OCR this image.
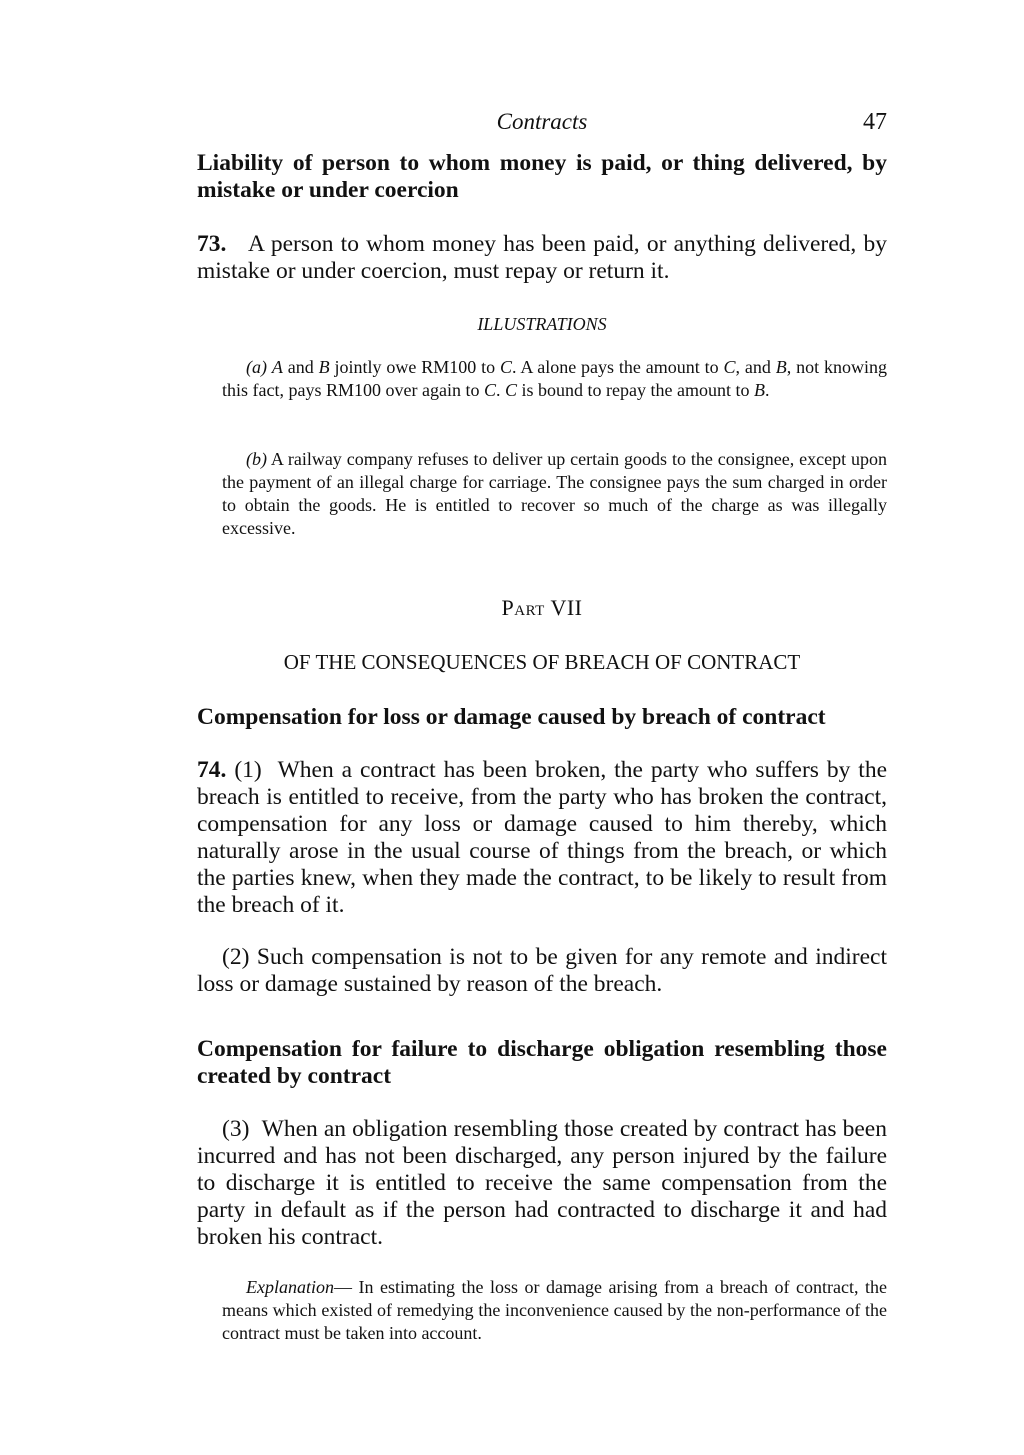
Contracts	47
Liability of person to whom money is paid, or thing delivered, by mistake or under coercion
73. A person to whom money has been paid, or anything delivered, by mistake or under coercion, must repay or return it.
ILLUSTRATIONS
(a) A and B jointly owe RM100 to C. A alone pays the amount to C, and B, not knowing this fact, pays RM100 over again to C. C is bound to repay the amount to B.
(b) A railway company refuses to deliver up certain goods to the consignee, except upon the payment of an illegal charge for carriage. The consignee pays the sum charged in order to obtain the goods. He is entitled to recover so much of the charge as was illegally excessive.
Part VII
OF THE CONSEQUENCES OF BREACH OF CONTRACT
Compensation for loss or damage caused by breach of contract
74. (1) When a contract has been broken, the party who suffers by the breach is entitled to receive, from the party who has broken the contract, compensation for any loss or damage caused to him thereby, which naturally arose in the usual course of things from the breach, or which the parties knew, when they made the contract, to be likely to result from the breach of it.
(2) Such compensation is not to be given for any remote and indirect loss or damage sustained by reason of the breach.
Compensation for failure to discharge obligation resembling those created by contract
(3) When an obligation resembling those created by contract has been incurred and has not been discharged, any person injured by the failure to discharge it is entitled to receive the same compensation from the party in default as if the person had contracted to discharge it and had broken his contract.
Explanation— In estimating the loss or damage arising from a breach of contract, the means which existed of remedying the inconvenience caused by the non-performance of the contract must be taken into account.
